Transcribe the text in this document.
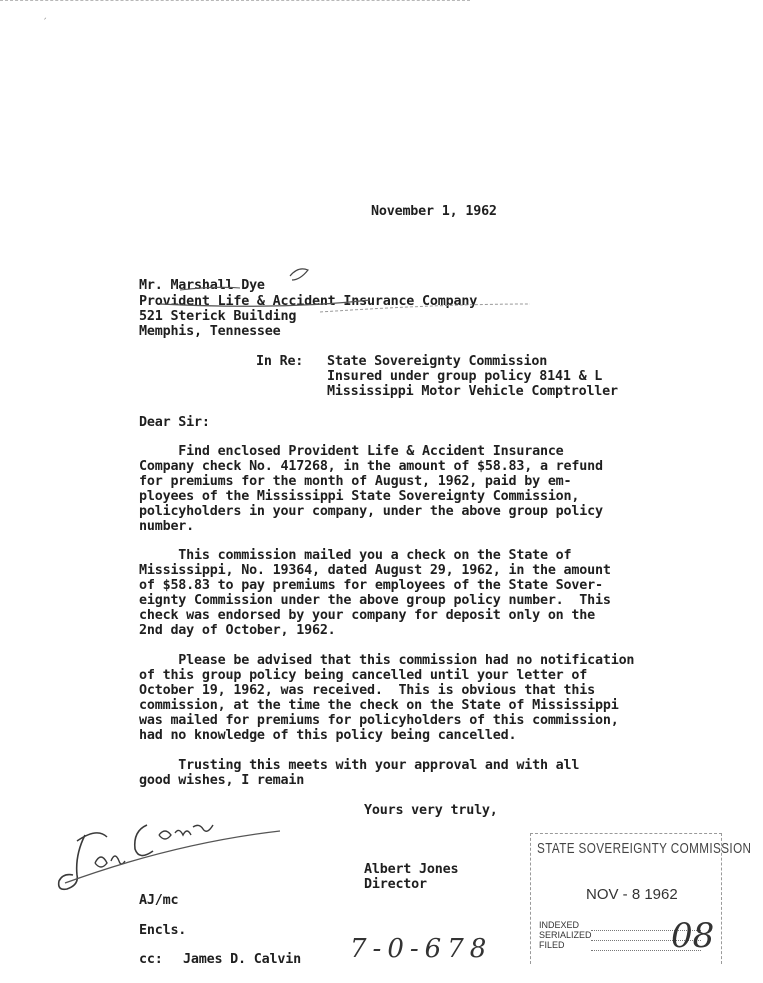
´
November 1, 1962
Mr. Marshall Dye
Provident Life & Accident Insurance Company
521 Sterick Building
Memphis, Tennessee
In Re: State Sovereignty Commission
Insured under group policy 8141 & L
Mississippi Motor Vehicle Comptroller
Dear Sir:
Find enclosed Provident Life & Accident Insurance
Company check No. 417268, in the amount of $58.83, a refund
for premiums for the month of August, 1962, paid by em-
ployees of the Mississippi State Sovereignty Commission,
policyholders in your company, under the above group policy
number.
This commission mailed you a check on the State of
Mississippi, No. 19364, dated August 29, 1962, in the amount
of $58.83 to pay premiums for employees of the State Sover-
eignty Commission under the above group policy number.  This
check was endorsed by your company for deposit only on the
2nd day of October, 1962.
Please be advised that this commission had no notification
of this group policy being cancelled until your letter of
October 19, 1962, was received.  This is obvious that this
commission, at the time the check on the State of Mississippi
was mailed for premiums for policyholders of this commission,
had no knowledge of this policy being cancelled.
Trusting this meets with your approval and with all
good wishes, I remain
Yours very truly,
Albert Jones
Director
AJ/mc
Encls.
cc: James D. Calvin 7-0-678
STATE SOVEREIGNTY COMMISSION
NOV - 8 1962
INDEXED
SERIALIZED
FILED	08
